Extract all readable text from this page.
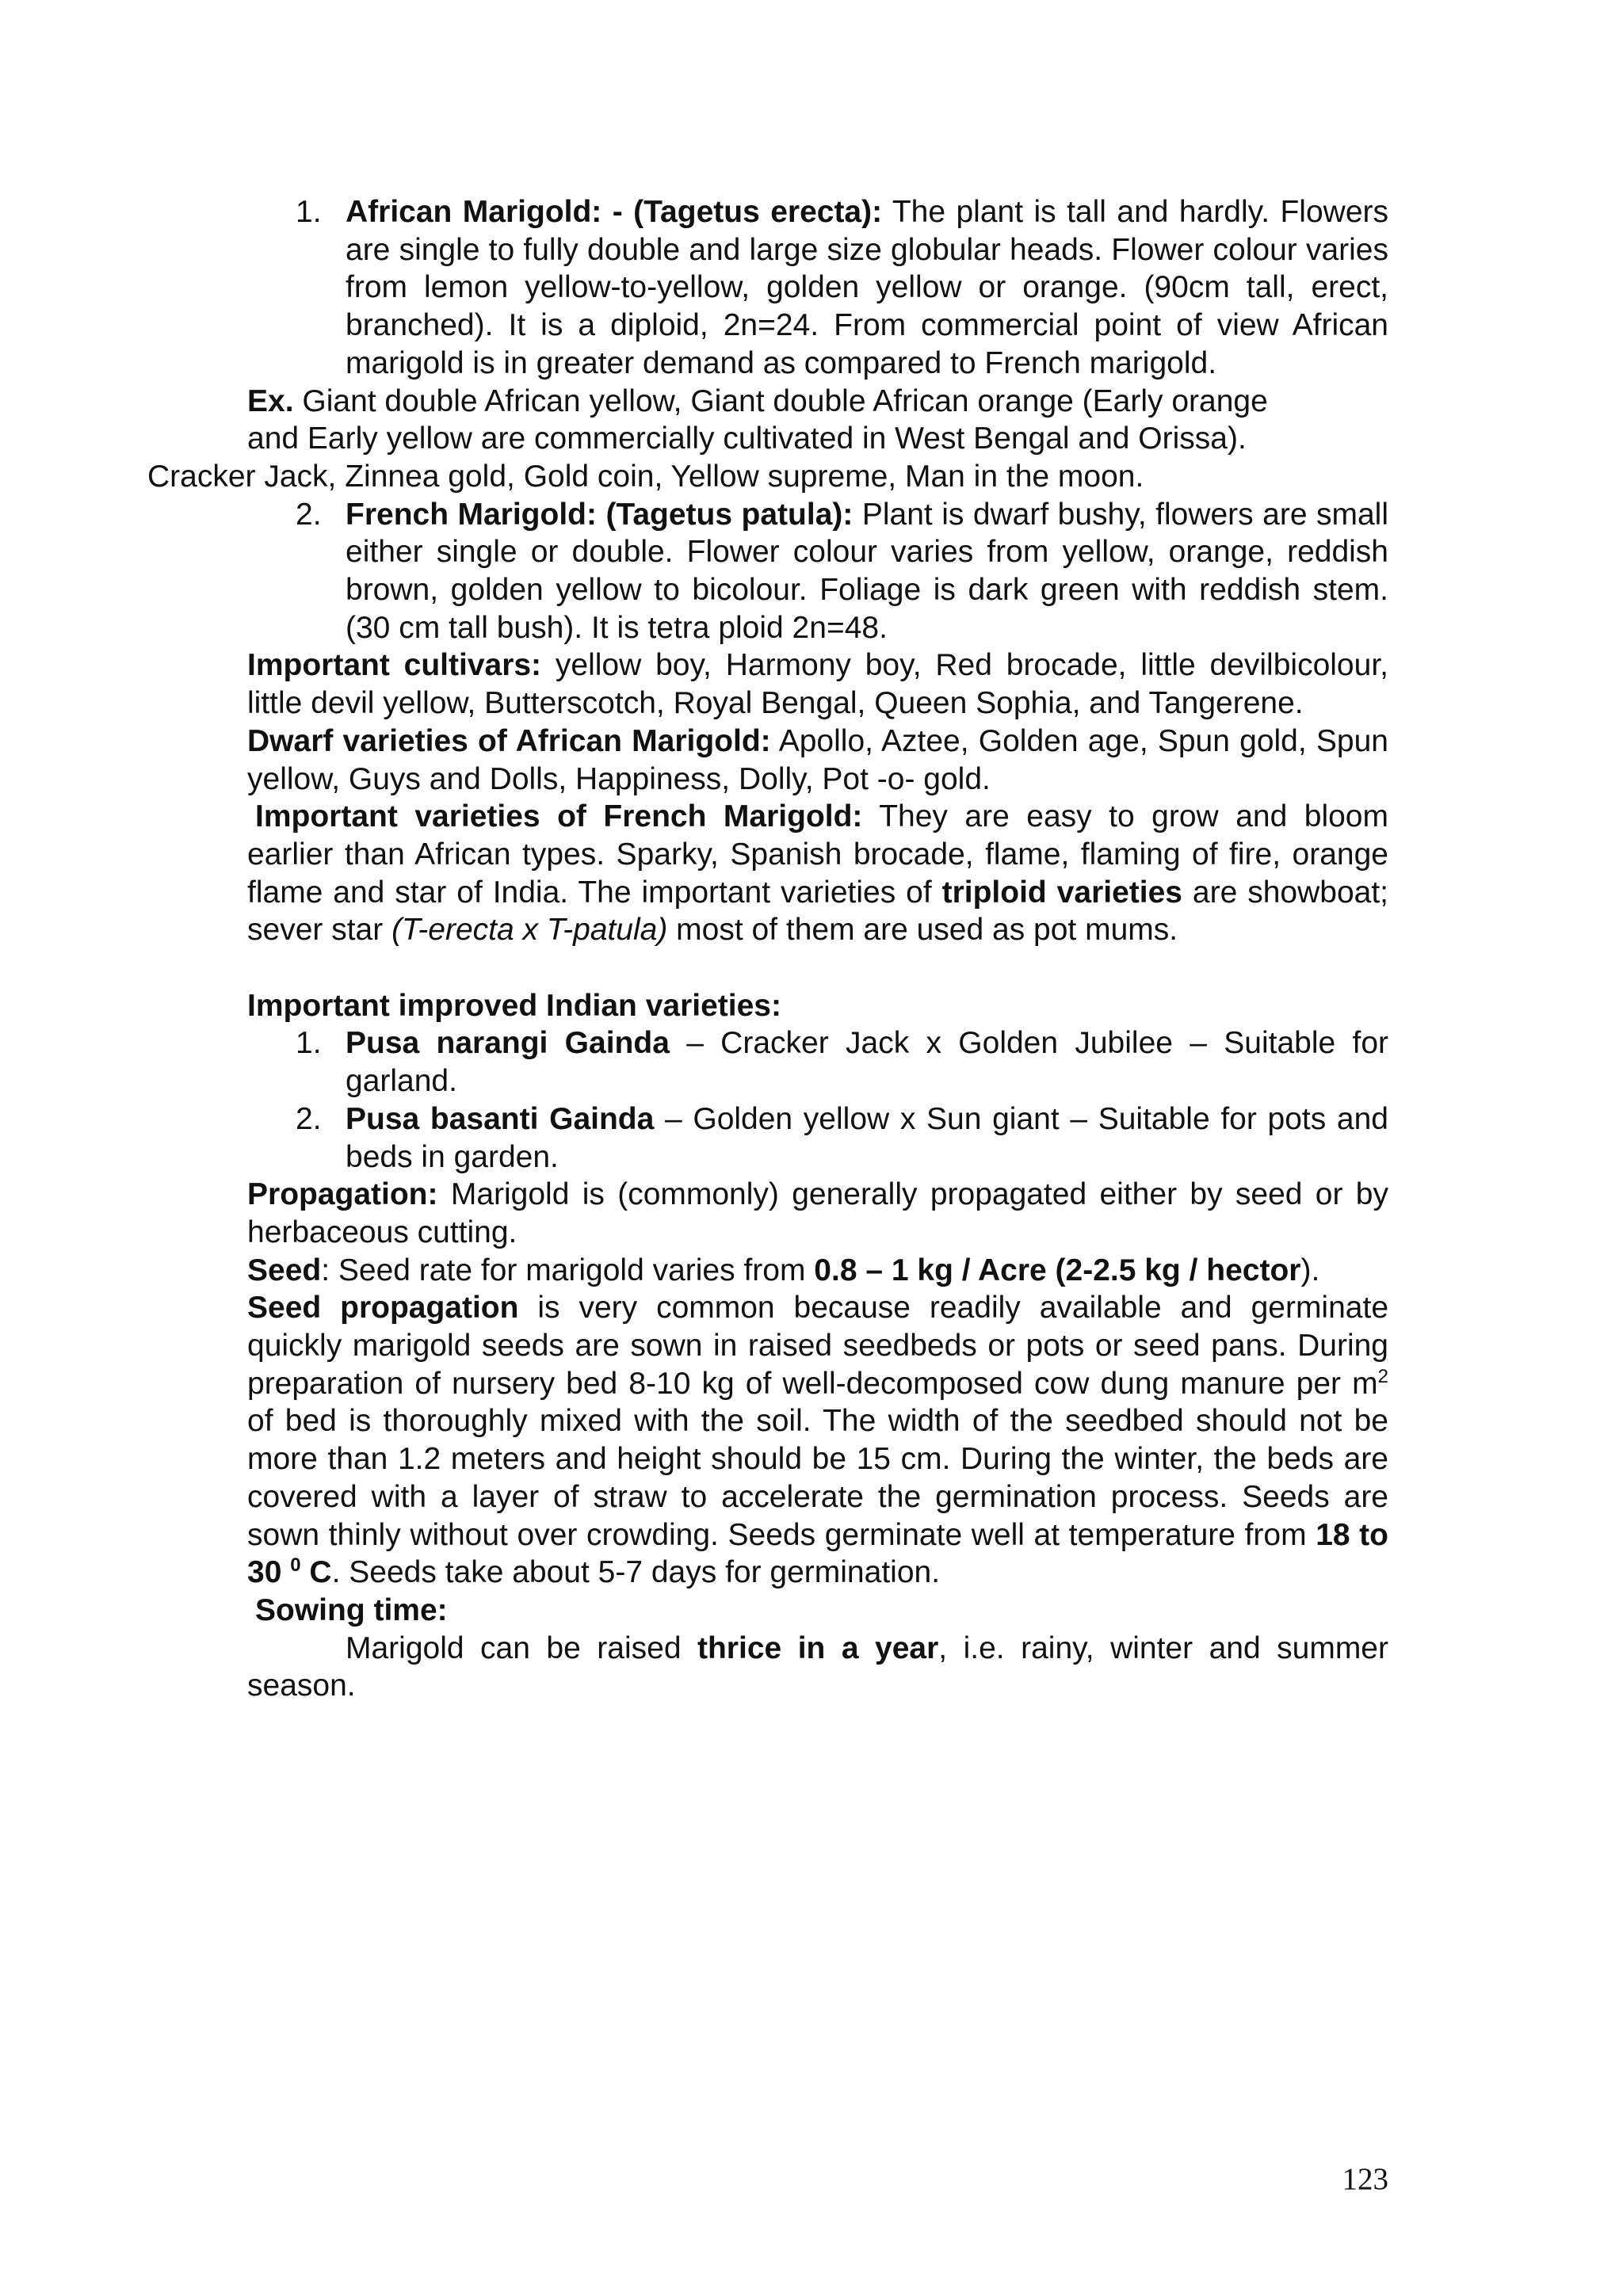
1. African Marigold: - (Tagetus erecta): The plant is tall and hardly. Flowers are single to fully double and large size globular heads. Flower colour varies from lemon yellow-to-yellow, golden yellow or orange. (90cm tall, erect, branched). It is a diploid, 2n=24. From commercial point of view African marigold is in greater demand as compared to French marigold.
Ex. Giant double African yellow, Giant double African orange (Early orange
and Early yellow are commercially cultivated in West Bengal and Orissa).
Cracker Jack, Zinnea gold, Gold coin, Yellow supreme, Man in the moon.
2. French Marigold: (Tagetus patula): Plant is dwarf bushy, flowers are small either single or double. Flower colour varies from yellow, orange, reddish brown, golden yellow to bicolour. Foliage is dark green with reddish stem. (30 cm tall bush). It is tetra ploid 2n=48.
Important cultivars: yellow boy, Harmony boy, Red brocade, little devilbicolour, little devil yellow, Butterscotch, Royal Bengal, Queen Sophia, and Tangerene.
Dwarf varieties of African Marigold: Apollo, Aztee, Golden age, Spun gold, Spun yellow, Guys and Dolls, Happiness, Dolly, Pot -o- gold.
Important varieties of French Marigold: They are easy to grow and bloom earlier than African types. Sparky, Spanish brocade, flame, flaming of fire, orange flame and star of India. The important varieties of triploid varieties are showboat; sever star (T-erecta x T-patula) most of them are used as pot mums.
Important improved Indian varieties:
1. Pusa narangi Gainda – Cracker Jack x Golden Jubilee – Suitable for garland.
2. Pusa basanti Gainda – Golden yellow x Sun giant – Suitable for pots and beds in garden.
Propagation: Marigold is (commonly) generally propagated either by seed or by herbaceous cutting.
Seed: Seed rate for marigold varies from 0.8 – 1 kg / Acre (2-2.5 kg / hector).
Seed propagation is very common because readily available and germinate quickly marigold seeds are sown in raised seedbeds or pots or seed pans. During preparation of nursery bed 8-10 kg of well-decomposed cow dung manure per $m^2$ of bed is thoroughly mixed with the soil. The width of the seedbed should not be more than 1.2 meters and height should be 15 cm. During the winter, the beds are covered with a layer of straw to accelerate the germination process. Seeds are sown thinly without over crowding. Seeds germinate well at temperature from 18 to 30 $^0$ C. Seeds take about 5-7 days for germination.
Sowing time:
Marigold can be raised thrice in a year, i.e. rainy, winter and summer season.
123
